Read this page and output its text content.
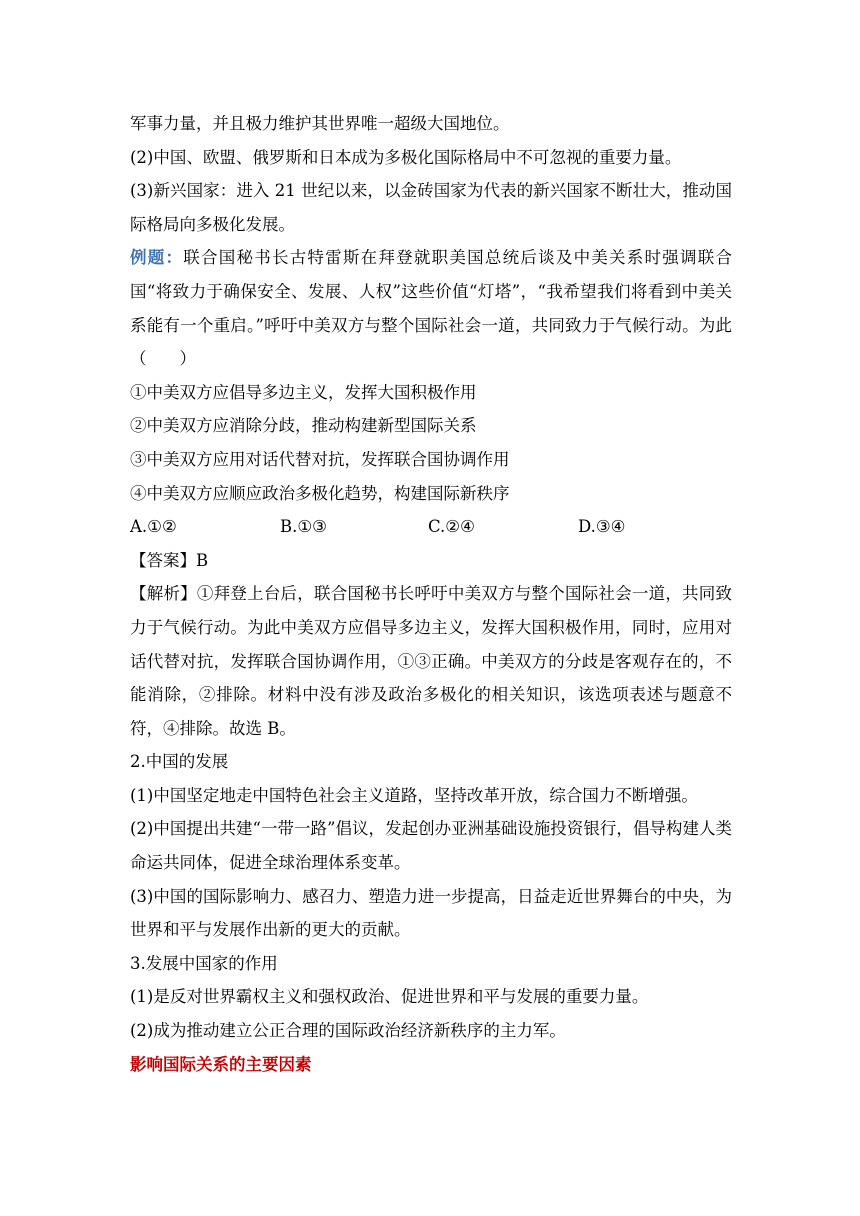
军事力量，并且极力维护其世界唯一超级大国地位。
(2)中国、欧盟、俄罗斯和日本成为多极化国际格局中不可忽视的重要力量。
(3)新兴国家：进入 21 世纪以来，以金砖国家为代表的新兴国家不断壮大，推动国际格局向多极化发展。
例题：联合国秘书长古特雷斯在拜登就职美国总统后谈及中美关系时强调联合国“将致力于确保安全、发展、人权”这些价值“灯塔”，“我希望我们将看到中美关系能有一个重启。”呼吁中美双方与整个国际社会一道，共同致力于气候行动。为此（　　）
①中美双方应倡导多边主义，发挥大国积极作用
②中美双方应消除分歧，推动构建新型国际关系
③中美双方应用对话代替对抗，发挥联合国协调作用
④中美双方应顺应政治多极化趋势，构建国际新秩序
A.①②	B.①③	C.②④	D.③④
【答案】B
【解析】①拜登上台后，联合国秘书长呼吁中美双方与整个国际社会一道，共同致力于气候行动。为此中美双方应倡导多边主义，发挥大国积极作用，同时，应用对话代替对抗，发挥联合国协调作用，①③正确。中美双方的分歧是客观存在的，不能消除，②排除。材料中没有涉及政治多极化的相关知识，该选项表述与题意不符，④排除。故选 B。
2.中国的发展
(1)中国坚定地走中国特色社会主义道路，坚持改革开放，综合国力不断增强。
(2)中国提出共建“一带一路”倡议，发起创办亚洲基础设施投资银行，倡导构建人类命运共同体，促进全球治理体系变革。
(3)中国的国际影响力、感召力、塑造力进一步提高，日益走近世界舞台的中央，为世界和平与发展作出新的更大的贡献。
3.发展中国家的作用
(1)是反对世界霸权主义和强权政治、促进世界和平与发展的重要力量。
(2)成为推动建立公正合理的国际政治经济新秩序的主力军。
影响国际关系的主要因素
